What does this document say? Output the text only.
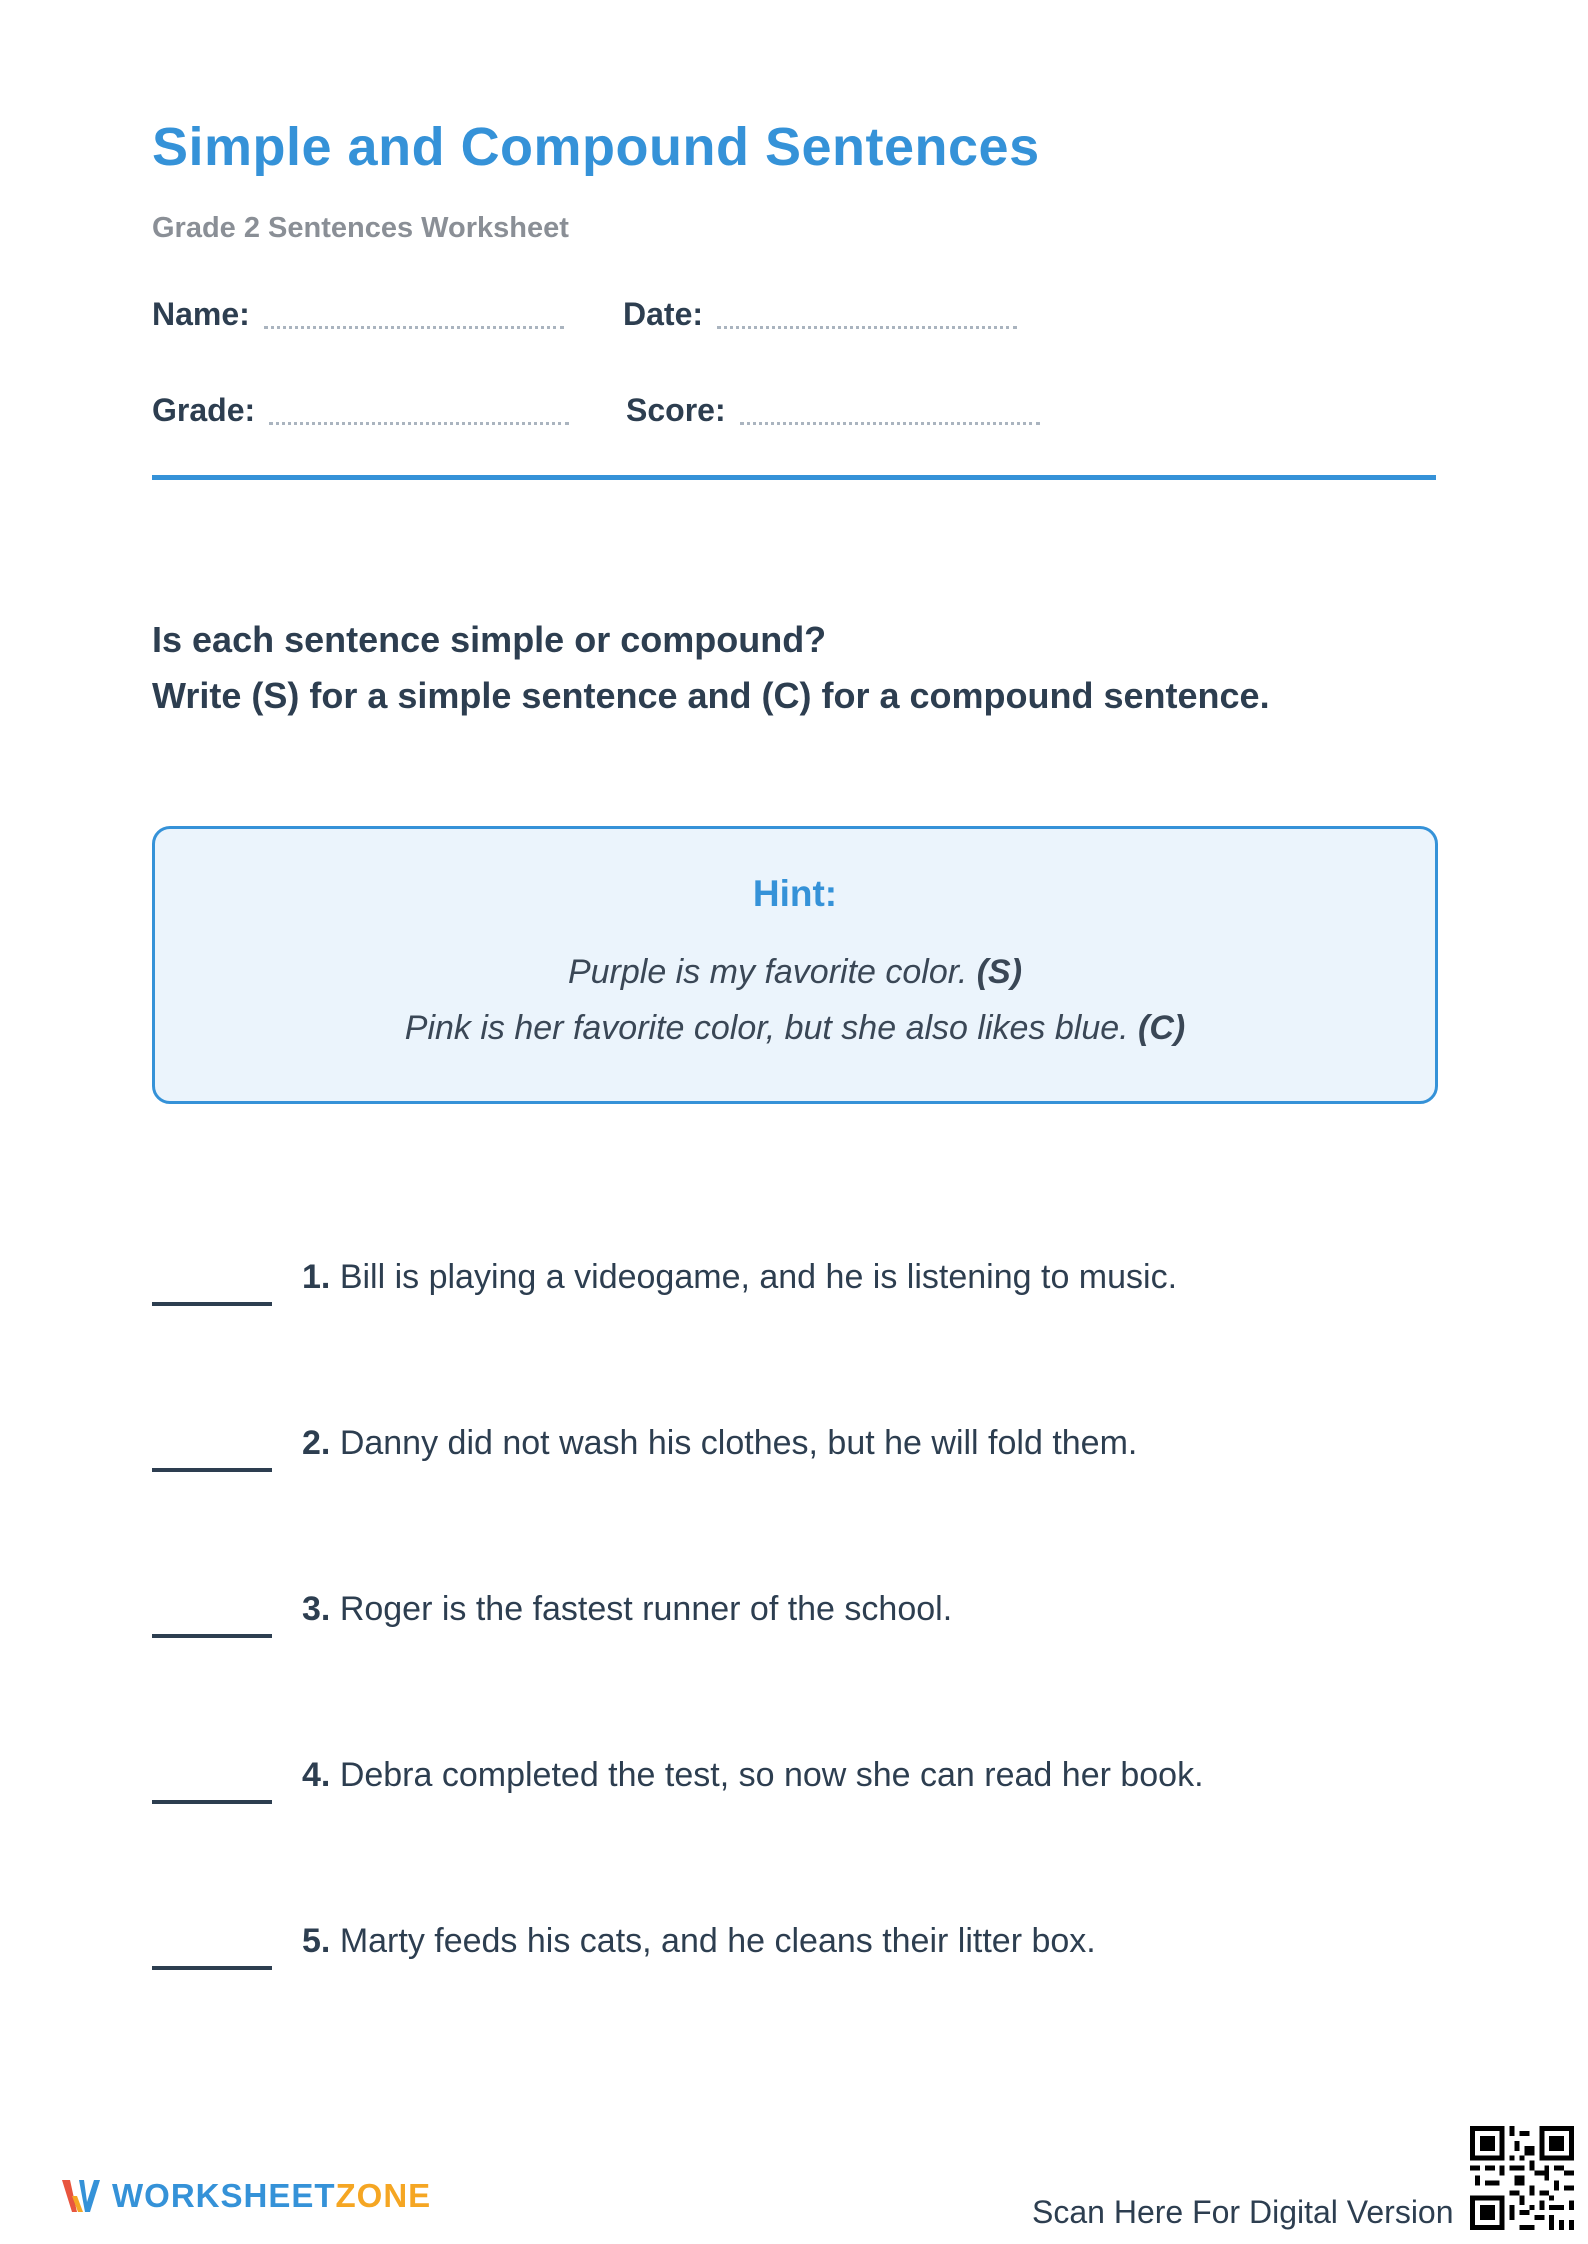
Simple and Compound Sentences
Grade 2 Sentences Worksheet
Name:	Date:
Grade:	Score:
Is each sentence simple or compound?
Write (S) for a simple sentence and (C) for a compound sentence.
Hint:
Purple is my favorite color. (S)
Pink is her favorite color, but she also likes blue. (C)
1. Bill is playing a videogame, and he is listening to music.
2. Danny did not wash his clothes, but he will fold them.
3. Roger is the fastest runner of the school.
4. Debra completed the test, so now she can read her book.
5. Marty feeds his cats, and he cleans their litter box.
WORKSHEETZONE	Scan Here For Digital Version
